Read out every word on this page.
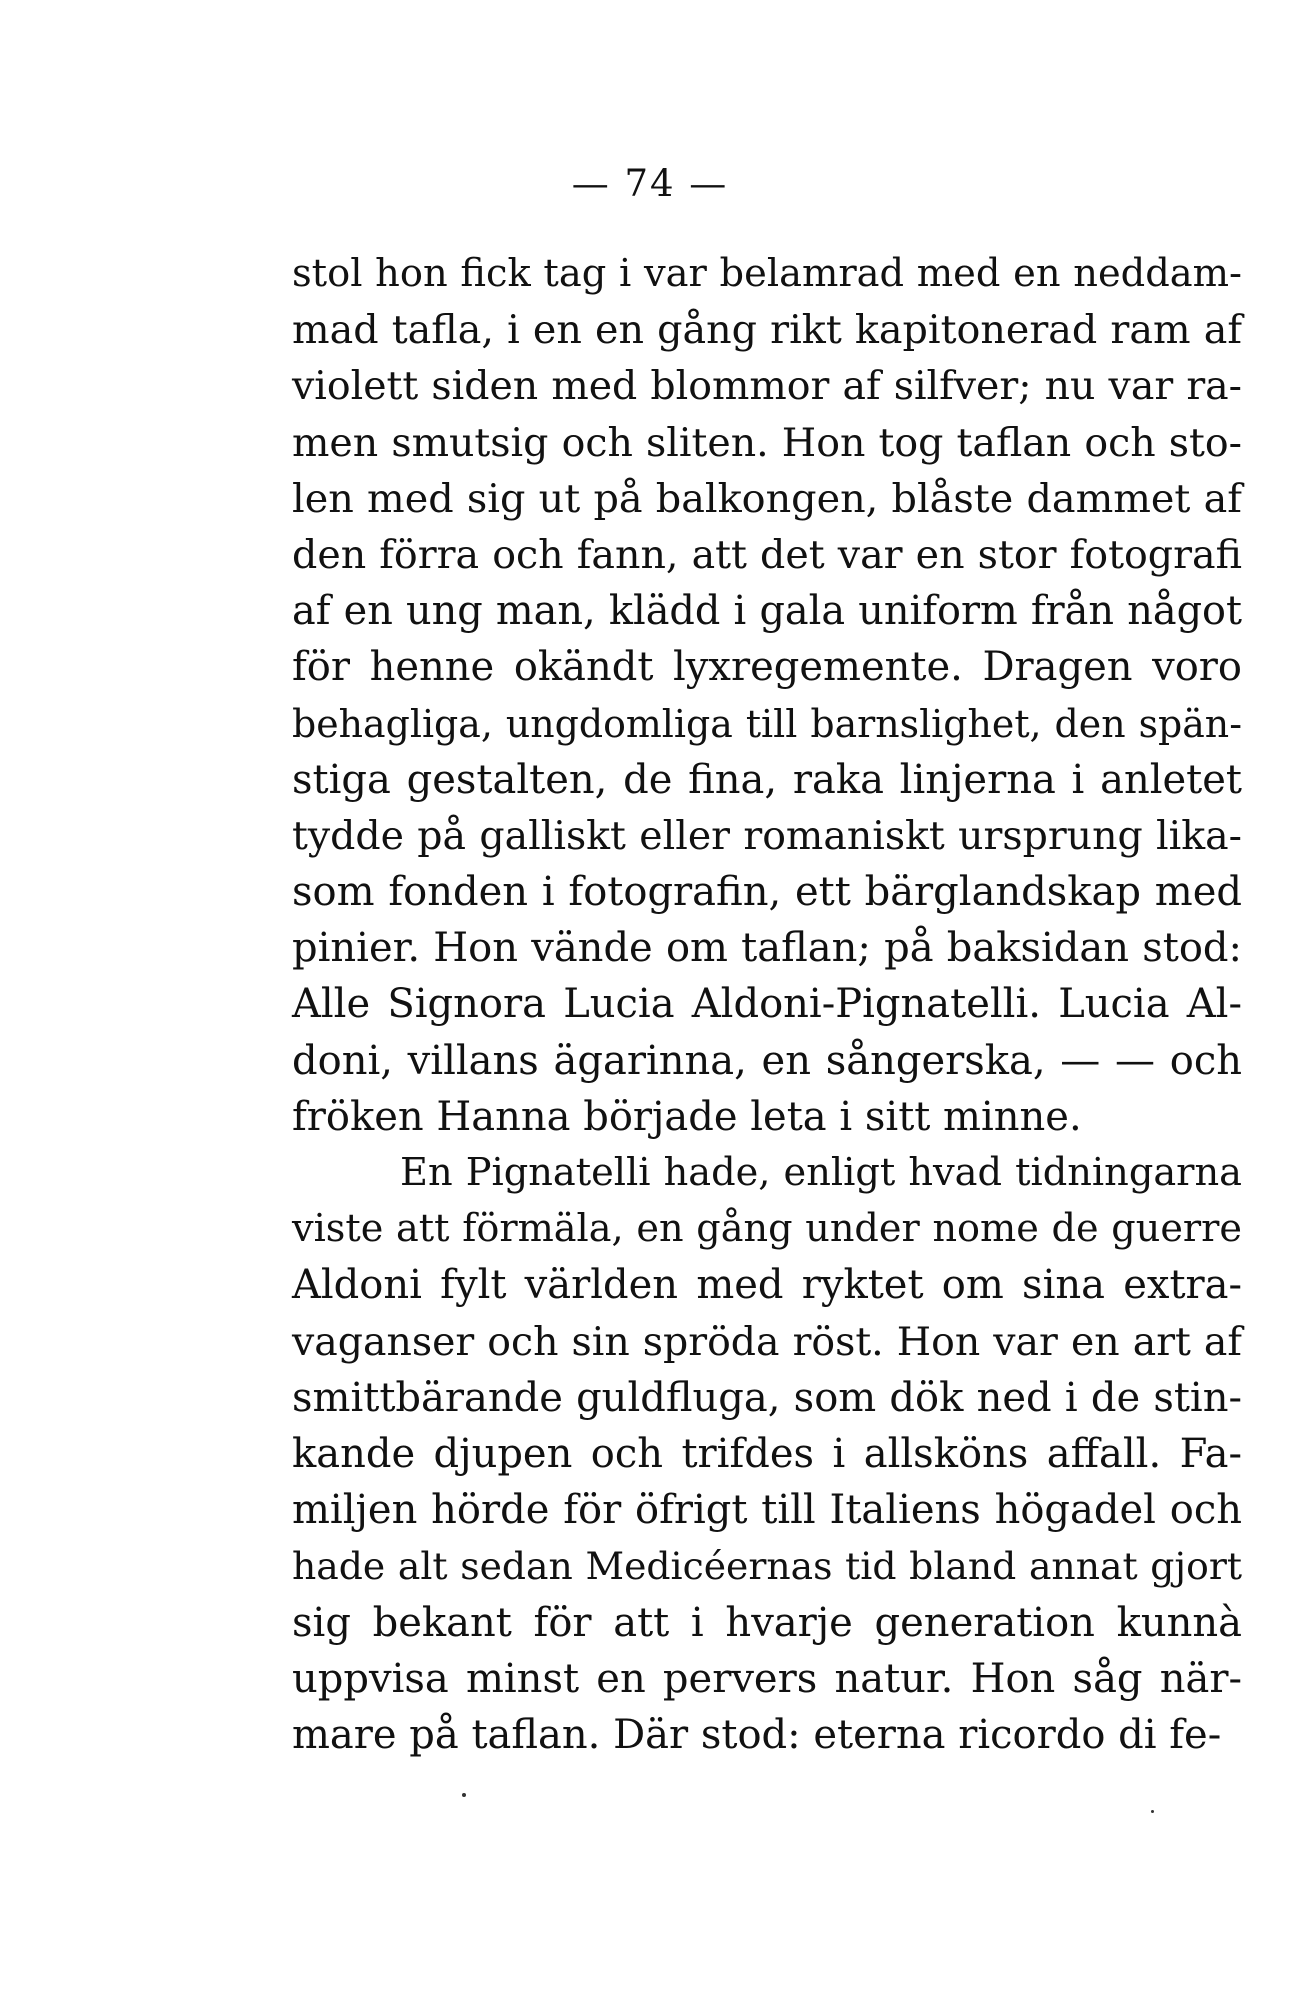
— 74 —
stol hon fick tag i var belamrad med en neddam-
mad tafla, i en en gång rikt kapitonerad ram af
violett siden med blommor af silfver; nu var ra-
men smutsig och sliten. Hon tog taflan och sto-
len med sig ut på balkongen, blåste dammet af
den förra och fann, att det var en stor fotografi
af en ung man, klädd i gala uniform från något
för henne okändt lyxregemente. Dragen voro
behagliga, ungdomliga till barnslighet, den spän-
stiga gestalten, de fina, raka linjerna i anletet
tydde på galliskt eller romaniskt ursprung lika-
som fonden i fotografin, ett bärglandskap med
pinier. Hon vände om taflan; på baksidan stod:
Alle Signora Lucia Aldoni-Pignatelli. Lucia Al-
doni, villans ägarinna, en sångerska, — — och
fröken Hanna började leta i sitt minne.
En Pignatelli hade, enligt hvad tidningarna
viste att förmäla, en gång under nome de guerre
Aldoni fylt världen med ryktet om sina extra-
vaganser och sin spröda röst. Hon var en art af
smittbärande guldfluga, som dök ned i de stin-
kande djupen och trifdes i allsköns affall. Fa-
miljen hörde för öfrigt till Italiens högadel och
hade alt sedan Medicéernas tid bland annat gjort
sig bekant för att i hvarje generation kunnà
uppvisa minst en pervers natur. Hon såg när-
mare på taflan. Där stod: eterna ricordo di fe-
